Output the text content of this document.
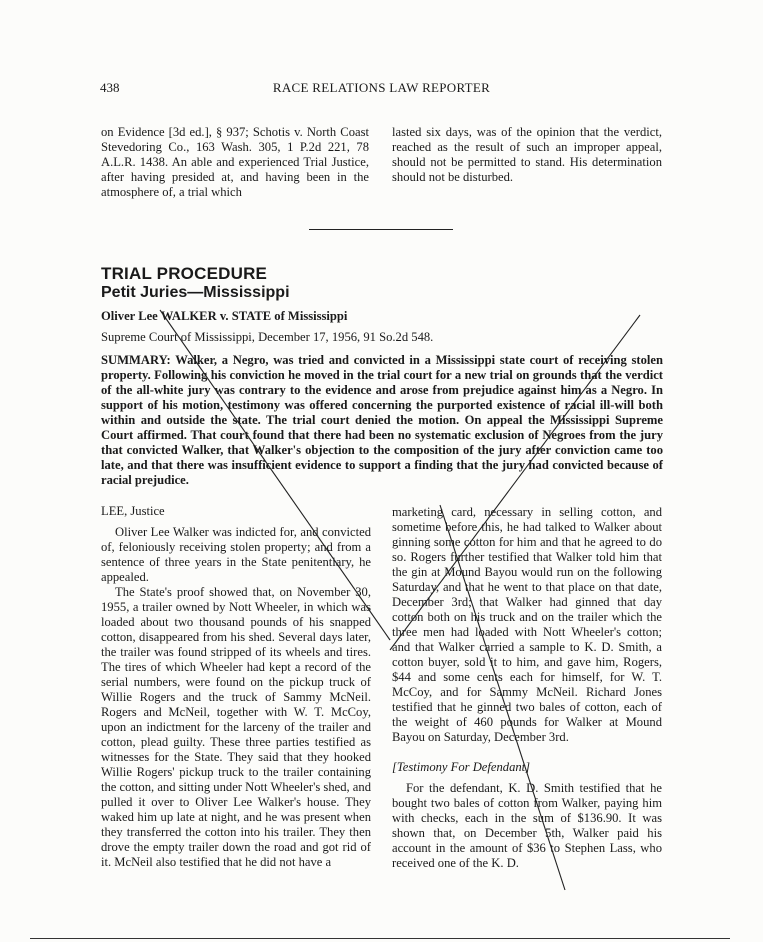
438	RACE RELATIONS LAW REPORTER

on Evidence [3d ed.], § 937; Schotis v. North Coast Stevedoring Co., 163 Wash. 305, 1 P.2d 221, 78 A.L.R. 1438. An able and experienced Trial Justice, after having presided at, and having been in the atmosphere of, a trial which

lasted six days, was of the opinion that the verdict, reached as the result of such an improper appeal, should not be permitted to stand. His determination should not be disturbed.

TRIAL PROCEDURE
Petit Juries—Mississippi
Oliver Lee WALKER v. STATE of Mississippi
Supreme Court of Mississippi, December 17, 1956, 91 So.2d 548.
SUMMARY: Walker, a Negro, was tried and convicted in a Mississippi state court of receiving stolen property. Following his conviction he moved in the trial court for a new trial on grounds that the verdict of the all-white jury was contrary to the evidence and arose from prejudice against him as a Negro. In support of his motion, testimony was offered concerning the purported existence of racial ill-will both within and outside the state. The trial court denied the motion. On appeal the Mississippi Supreme Court affirmed. That court found that there had been no systematic exclusion of Negroes from the jury that convicted Walker, that Walker's objection to the composition of the jury after conviction came too late, and that there was insufficient evidence to support a finding that the jury had convicted because of racial prejudice.
LEE, Justice

Oliver Lee Walker was indicted for, and convicted of, feloniously receiving stolen property; and from a sentence of three years in the State penitentiary, he appealed.

The State's proof showed that, on November 30, 1955, a trailer owned by Nott Wheeler, in which was loaded about two thousand pounds of his snapped cotton, disappeared from his shed. Several days later, the trailer was found stripped of its wheels and tires. The tires of which Wheeler had kept a record of the serial numbers, were found on the pickup truck of Willie Rogers and the truck of Sammy McNeil. Rogers and McNeil, together with W. T. McCoy, upon an indictment for the larceny of the trailer and cotton, plead guilty. These three parties testified as witnesses for the State. They said that they hooked Willie Rogers' pickup truck to the trailer containing the cotton, and sitting under Nott Wheeler's shed, and pulled it over to Oliver Lee Walker's house. They waked him up late at night, and he was present when they transferred the cotton into his trailer. They then drove the empty trailer down the road and got rid of it. McNeil also testified that he did not have a

marketing card, necessary in selling cotton, and sometime before this, he had talked to Walker about ginning some cotton for him and that he agreed to do so. Rogers further testified that Walker told him that the gin at Mound Bayou would run on the following Saturday, and that he went to that place on that date, December 3rd; that Walker had ginned that day cotton both on his truck and on the trailer which the three men had loaded with Nott Wheeler's cotton; and that Walker carried a sample to K. D. Smith, a cotton buyer, sold it to him, and gave him, Rogers, $44 and some cents each for himself, for W. T. McCoy, and for Sammy McNeil. Richard Jones testified that he ginned two bales of cotton, each of the weight of 460 pounds for Walker at Mound Bayou on Saturday, December 3rd.

[Testimony For Defendant]

For the defendant, K. D. Smith testified that he bought two bales of cotton from Walker, paying him with checks, each in the sum of $136.90. It was shown that, on December 5th, Walker paid his account in the amount of $36 to Stephen Lass, who received one of the K. D.
